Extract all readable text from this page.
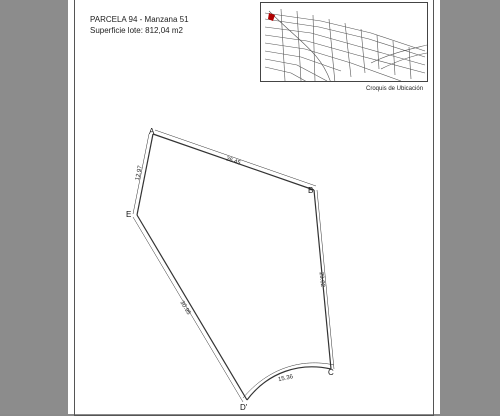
PARCELA 94 - Manzana 51
Superficie lote: 812,04 m2
Croquis de Ubicación
A
B
C
D'
E
26.45
29.02
15.36
30.95
12.97
